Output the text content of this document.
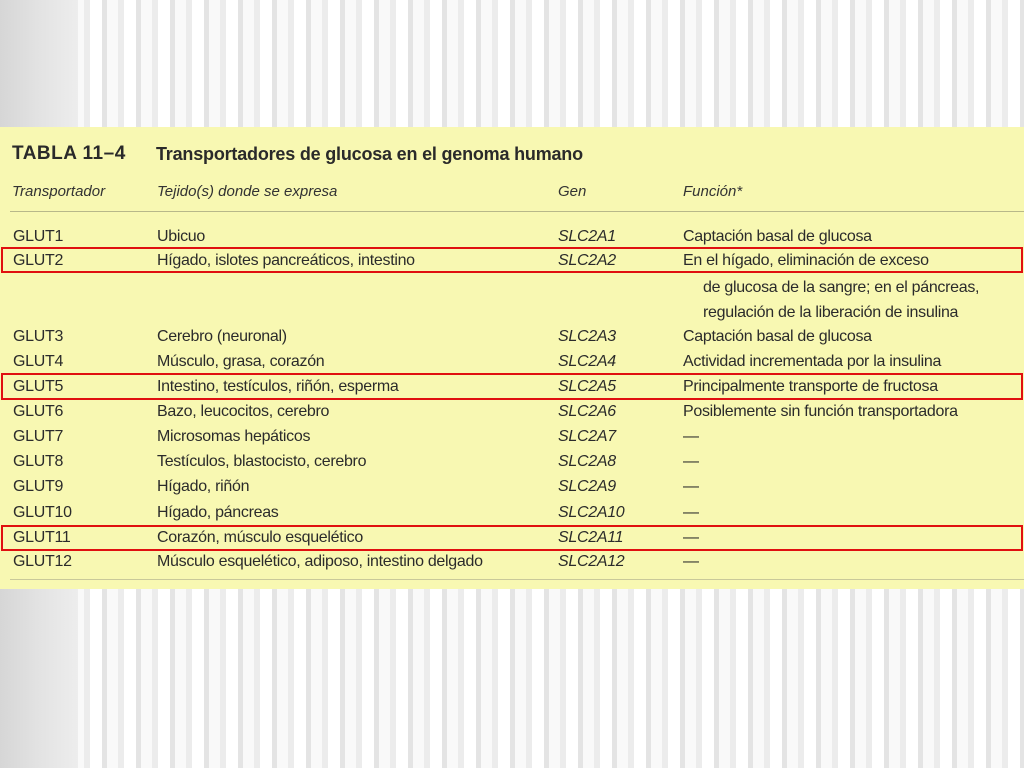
TABLA 11–4 Transportadores de glucosa en el genoma humano
Transportador	Tejido(s) donde se expresa	Gen	Función*
GLUT1	Ubicuo	SLC2A1	Captación basal de glucosa
GLUT2	Hígado, islotes pancreáticos, intestino	SLC2A2	En el hígado, eliminación de exceso
de glucosa de la sangre; en el páncreas,
regulación de la liberación de insulina
GLUT3	Cerebro (neuronal)	SLC2A3	Captación basal de glucosa
GLUT4	Músculo, grasa, corazón	SLC2A4	Actividad incrementada por la insulina
GLUT5	Intestino, testículos, riñón, esperma	SLC2A5	Principalmente transporte de fructosa
GLUT6	Bazo, leucocitos, cerebro	SLC2A6	Posiblemente sin función transportadora
GLUT7	Microsomas hepáticos	SLC2A7	—
GLUT8	Testículos, blastocisto, cerebro	SLC2A8	—
GLUT9	Hígado, riñón	SLC2A9	—
GLUT10	Hígado, páncreas	SLC2A10	—
GLUT11	Corazón, músculo esquelético	SLC2A11	—
GLUT12	Músculo esquelético, adiposo, intestino delgado	SLC2A12	—
